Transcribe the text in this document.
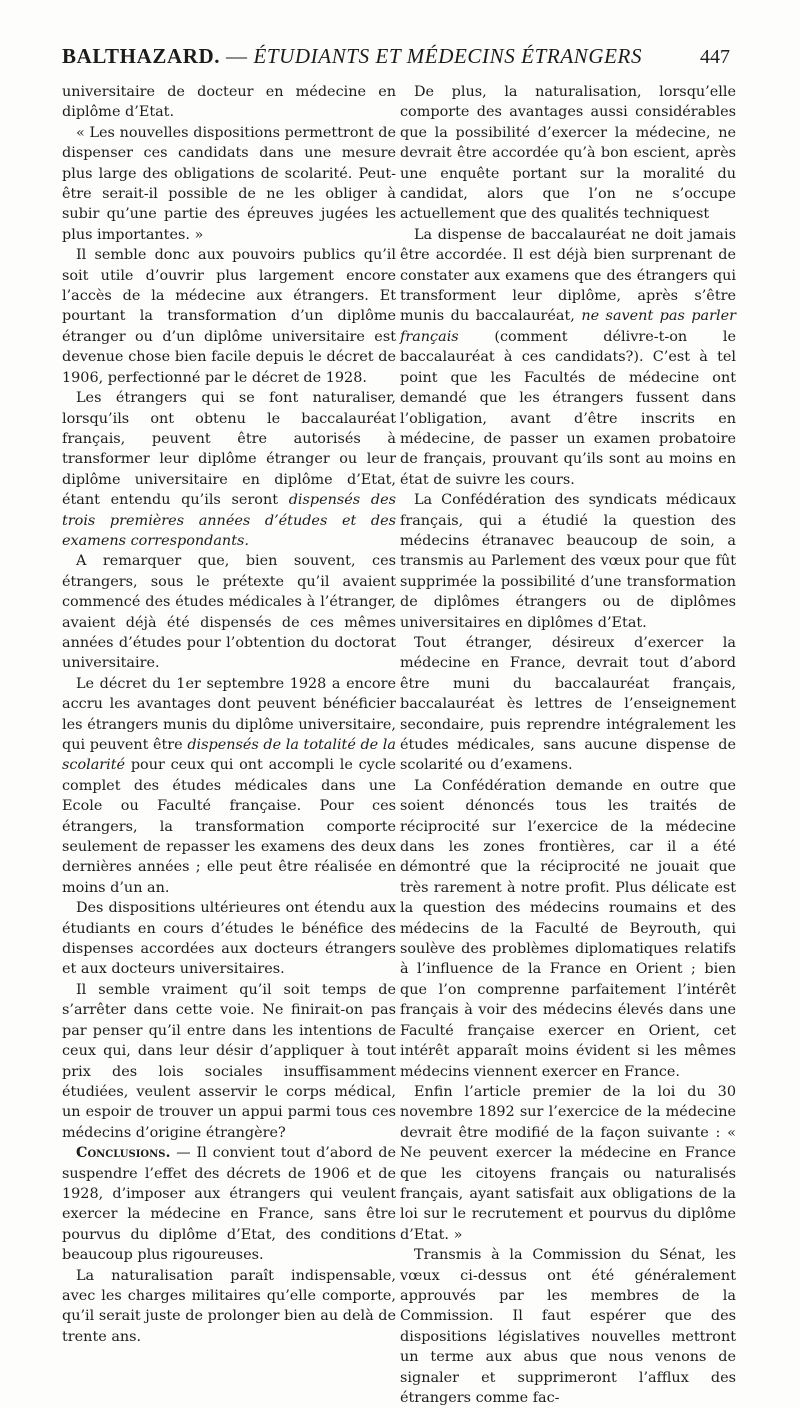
BALTHAZARD. — ÉTUDIANTS ET MÉDECINS ÉTRANGERS	447

universitaire de docteur en médecine en diplôme d’Etat.

« Les nouvelles dispositions permettront de dispenser ces candidats dans une mesure plus large des obligations de scolarité. Peut-être serait-il possible de ne les obliger à subir qu’une partie des épreuves jugées les plus importantes. »

Il semble donc aux pouvoirs publics qu’il soit utile d’ouvrir plus largement encore l’accès de la médecine aux étrangers. Et pourtant la transformation d’un diplôme étranger ou d’un diplôme universitaire est devenue chose bien facile depuis le décret de 1906, perfectionné par le décret de 1928.

Les étrangers qui se font naturaliser, lorsqu’ils ont obtenu le baccalauréat français, peuvent être autorisés à transformer leur diplôme étranger ou leur diplôme universitaire en diplôme d’Etat, étant entendu qu’ils seront dispensés des trois premières années d’études et des examens correspondants.

A remarquer que, bien souvent, ces étrangers, sous le prétexte qu’il avaient commencé des études médicales à l’étranger, avaient déjà été dispensés de ces mêmes années d’études pour l’obtention du doctorat universitaire.

Le décret du 1er septembre 1928 a encore accru les avantages dont peuvent bénéficier les étrangers munis du diplôme universitaire, qui peuvent être dispensés de la totalité de la scolarité pour ceux qui ont accompli le cycle complet des études médicales dans une Ecole ou Faculté française. Pour ces étrangers, la transformation comporte seulement de repasser les examens des deux dernières années ; elle peut être réalisée en moins d’un an.

Des dispositions ultérieures ont étendu aux étudiants en cours d’études le bénéfice des dispenses accordées aux docteurs étrangers et aux docteurs universitaires.

Il semble vraiment qu’il soit temps de s’arrêter dans cette voie. Ne finirait-on pas par penser qu’il entre dans les intentions de ceux qui, dans leur désir d’appliquer à tout prix des lois sociales insuffisamment étudiées, veulent asservir le corps médical, un espoir de trouver un appui parmi tous ces médecins d’origine étrangère?

Conclusions. — Il convient tout d’abord de suspendre l’effet des décrets de 1906 et de 1928, d’imposer aux étrangers qui veulent exercer la médecine en France, sans être pourvus du diplôme d’Etat, des conditions beaucoup plus rigoureuses.

La naturalisation paraît indispensable, avec les charges militaires qu’elle comporte, qu’il serait juste de prolonger bien au delà de trente ans.

De plus, la naturalisation, lorsqu’elle comporte des avantages aussi considérables que la possibilité d’exercer la médecine, ne devrait être accordée qu’à bon escient, après une enquête portant sur la moralité du candidat, alors que l’on ne s’occupe actuellement que des qualités techniquest

La dispense de baccalauréat ne doit jamais être accordée. Il est déjà bien surprenant de constater aux examens que des étrangers qui transforment leur diplôme, après s’être munis du baccalauréat, ne savent pas parler français (comment délivre-t-on le baccalauréat à ces candidats?). C’est à tel point que les Facultés de médecine ont demandé que les étrangers fussent dans l’obligation, avant d’être inscrits en médecine, de passer un examen probatoire de français, prouvant qu’ils sont au moins en état de suivre les cours.

La Confédération des syndicats médicaux français, qui a étudié la question des médecins étranavec beaucoup de soin, a transmis au Parlement des vœux pour que fût supprimée la possibilité d’une transformation de diplômes étrangers ou de diplômes universitaires en diplômes d’Etat.

Tout étranger, désireux d’exercer la médecine en France, devrait tout d’abord être muni du baccalauréat français, baccalauréat ès lettres de l’enseignement secondaire, puis reprendre intégralement les études médicales, sans aucune dispense de scolarité ou d’examens.

La Confédération demande en outre que soient dénoncés tous les traités de réciprocité sur l’exercice de la médecine dans les zones frontières, car il a été démontré que la réciprocité ne jouait que très rarement à notre profit. Plus délicate est la question des médecins roumains et des médecins de la Faculté de Beyrouth, qui soulève des problèmes diplomatiques relatifs à l’influence de la France en Orient ; bien que l’on comprenne parfaitement l’intérêt français à voir des médecins élevés dans une Faculté française exercer en Orient, cet intérêt apparaît moins évident si les mêmes médecins viennent exercer en France.

Enfin l’article premier de la loi du 30 novembre 1892 sur l’exercice de la médecine devrait être modifié de la façon suivante : « Ne peuvent exercer la médecine en France que les citoyens français ou naturalisés français, ayant satisfait aux obligations de la loi sur le recrutement et pourvus du diplôme d’Etat. »

Transmis à la Commission du Sénat, les vœux ci-dessus ont été généralement approuvés par les membres de la Commission. Il faut espérer que des dispositions législatives nouvelles mettront un terme aux abus que nous venons de signaler et supprimeront l’afflux des étrangers comme fac-
